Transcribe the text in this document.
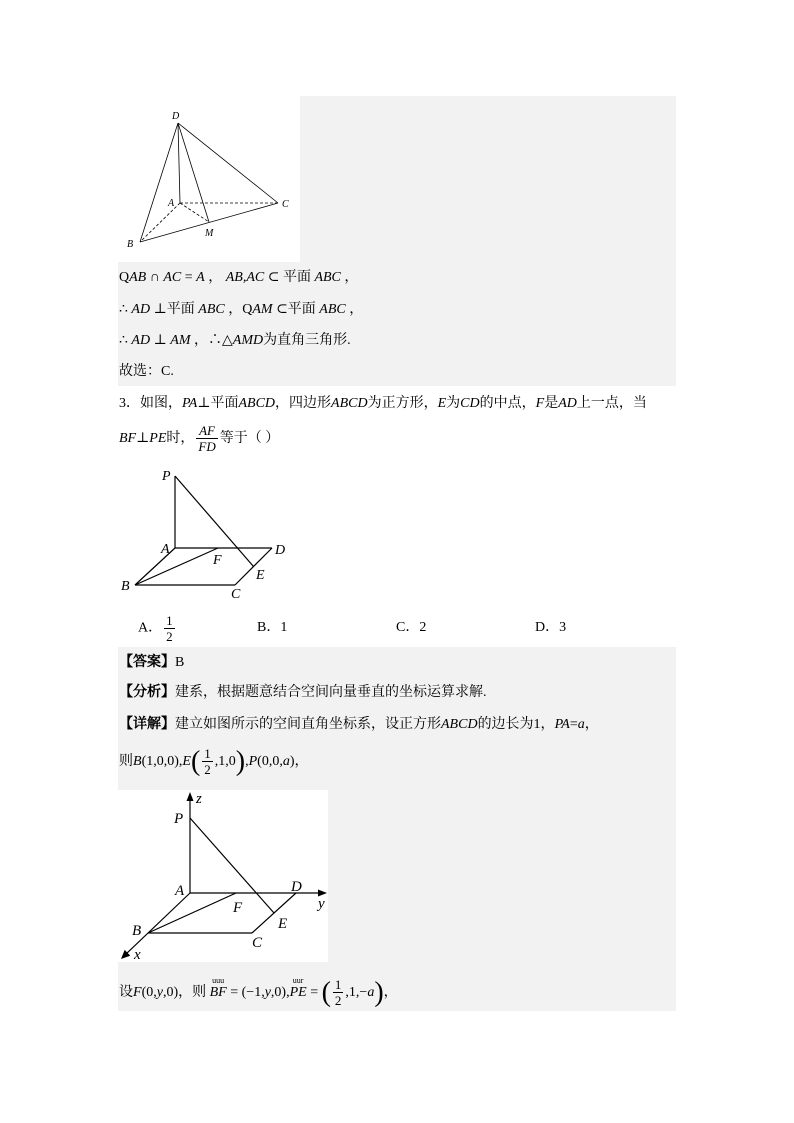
D
A	C
B
M
QAB ∩ AC = A ， AB,AC ⊂ 平面 ABC ，
∴ AD ⊥平面 ABC ，QAM ⊂平面 ABC ，
∴ AD ⊥ AM ，∴△AMD为直角三角形.
故选：C.
3．如图，PA⊥平面ABCD，四边形ABCD为正方形，E为CD的中点，F是AD上一点，当
BF⊥PE时， $\frac{AF}{FD}$ 等于（ ）
P
A	D
B
C
E
F
A． $\frac{1}{2}$	B．1	C．2	D．3
【答案】B
【分析】建系，根据题意结合空间向量垂直的坐标运算求解.
【详解】建立如图所示的空间直角坐标系，设正方形ABCD的边长为1，PA=a，
则$B(1,0,0),E( \frac{1}{2} ,1,0),P(0,0,a)$，
z
P
A	D
y
F
E
B
C
x
设F(0,y,0)，则
uuu
BF = (−1,y,0),
uur
PE = ( $\frac{1}{2} ,1,-a$)，
